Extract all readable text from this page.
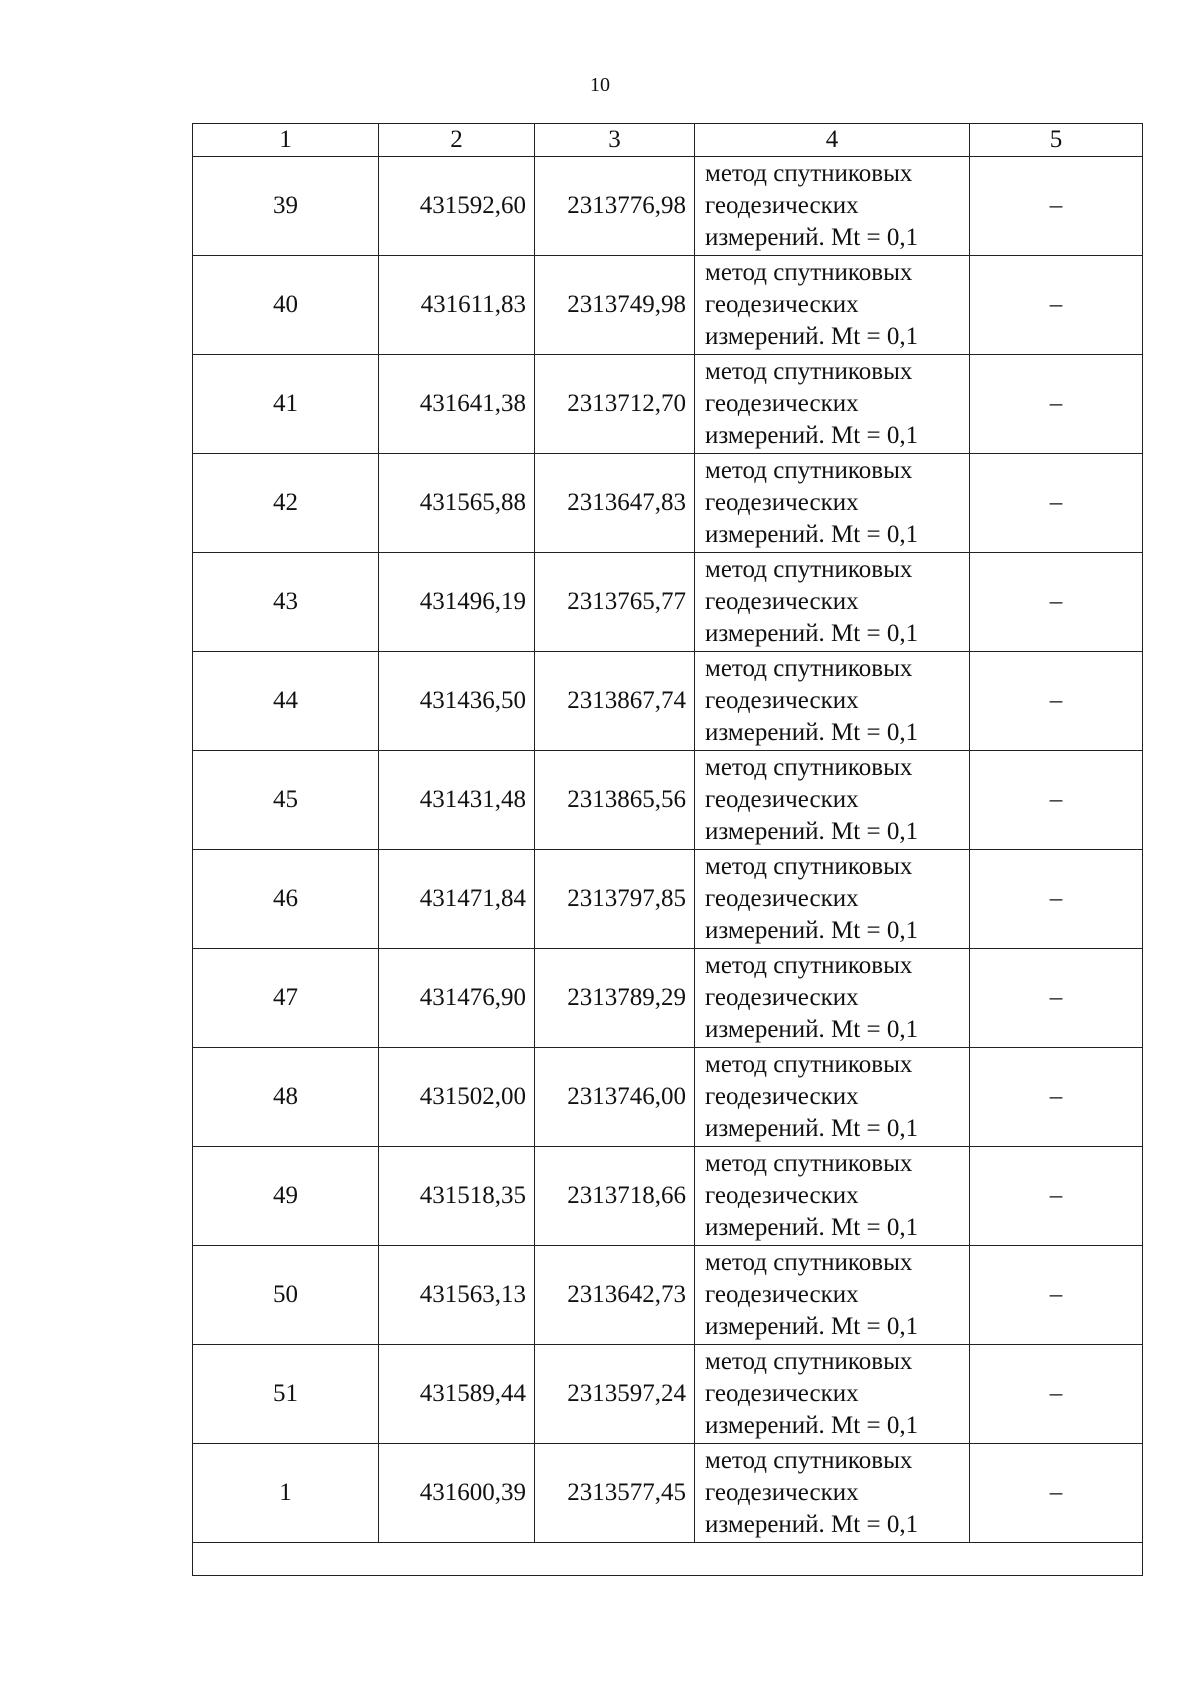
10
1	2	3	4	5
39	431592,60	2313776,98	метод спутниковых геодезических измерений. Mt = 0,1	–
40	431611,83	2313749,98	метод спутниковых геодезических измерений. Mt = 0,1	–
41	431641,38	2313712,70	метод спутниковых геодезических измерений. Mt = 0,1	–
42	431565,88	2313647,83	метод спутниковых геодезических измерений. Mt = 0,1	–
43	431496,19	2313765,77	метод спутниковых геодезических измерений. Mt = 0,1	–
44	431436,50	2313867,74	метод спутниковых геодезических измерений. Mt = 0,1	–
45	431431,48	2313865,56	метод спутниковых геодезических измерений. Mt = 0,1	–
46	431471,84	2313797,85	метод спутниковых геодезических измерений. Mt = 0,1	–
47	431476,90	2313789,29	метод спутниковых геодезических измерений. Mt = 0,1	–
48	431502,00	2313746,00	метод спутниковых геодезических измерений. Mt = 0,1	–
49	431518,35	2313718,66	метод спутниковых геодезических измерений. Mt = 0,1	–
50	431563,13	2313642,73	метод спутниковых геодезических измерений. Mt = 0,1	–
51	431589,44	2313597,24	метод спутниковых геодезических измерений. Mt = 0,1	–
1	431600,39	2313577,45	метод спутниковых геодезических измерений. Mt = 0,1	–
